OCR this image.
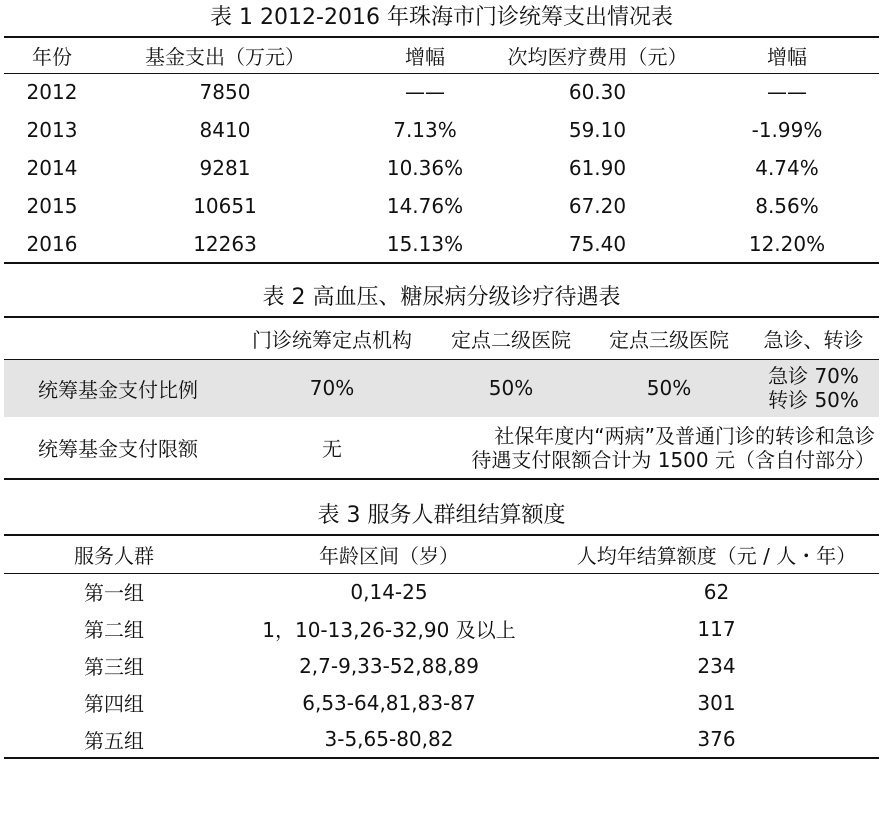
表 1 2012-2016 年珠海市门诊统筹支出情况表
年份	基金支出（万元）	增幅	次均医疗费用（元）	增幅
2012	7850	——	60.30	——
2013	8410	7.13%	59.10	-1.99%
2014	9281	10.36%	61.90	4.74%
2015	10651	14.76%	67.20	8.56%
2016	12263	15.13%	75.40	12.20%
表 2 高血压、糖尿病分级诊疗待遇表
	门诊统筹定点机构	定点二级医院	定点三级医院	急诊、转诊
统筹基金支付比例	70%	50%	50%	急诊 70%
转诊 50%

统筹基金支付限额	无	社保年度内“两病”及普通门诊的转诊和急诊
待遇支付限额合计为 1500 元（含自付部分）		
表 3 服务人群组结算额度
服务人群	年龄区间（岁）	人均年结算额度（元 / 人・年）
第一组	0,14-25	62
第二组	1，10-13,26-32,90 及以上	117
第三组	2,7-9,33-52,88,89	234
第四组	6,53-64,81,83-87	301
第五组	3-5,65-80,82	376
